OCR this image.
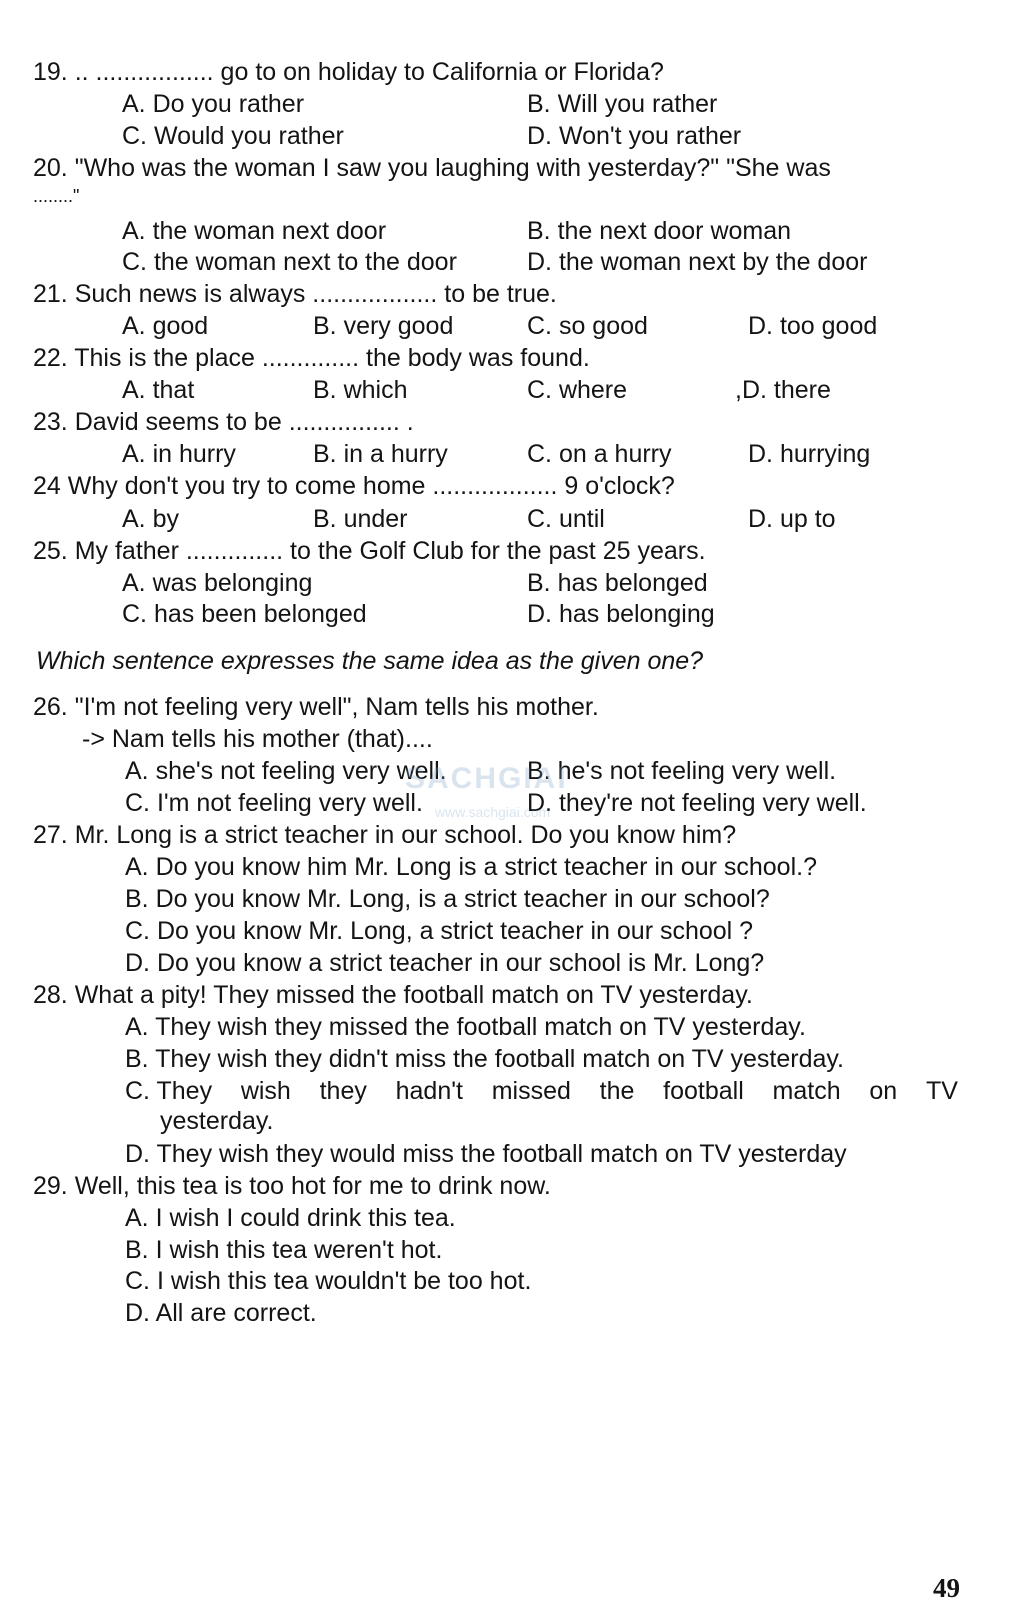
19. .. ................. go to on holiday to California or Florida?
A. Do you rather	B. Will you rather
C. Would you rather	D. Won't you rather
20. "Who was the woman I saw you laughing with yesterday?" "She was
........"
A. the woman next door	B. the next door woman
C. the woman next to the door	D. the woman next by the door
21. Such news is always .................. to be true.
A. good	B. very good	C. so good	D. too good
22. This is the place .............. the body was found.
A. that	B. which	C. where	,D. there
23. David seems to be ................ .
A. in hurry	B. in a hurry	C. on a hurry	D. hurrying
24 Why don't you try to come home .................. 9 o'clock?
A. by	B. under	C. until	D. up to
25. My father .............. to the Golf Club for the past 25 years.
A. was belonging	B. has belonged
C. has been belonged	D. has belonging
Which sentence expresses the same idea as the given one?
26. "I'm not feeling very well", Nam tells his mother.
-> Nam tells his mother (that)....
A. she's not feeling very well.	B. he's not feeling very well.
C. I'm not feeling very well.	D. they're not feeling very well.
27. Mr. Long is a strict teacher in our school. Do you know him?
A. Do you know him Mr. Long is a strict teacher in our school.?
B. Do you know Mr. Long, is a strict teacher in our school?
C. Do you know Mr. Long, a strict teacher in our school ?
D. Do you know a strict teacher in our school is Mr. Long?
28. What a pity! They missed the football match on TV yesterday.
A. They wish they missed the football match on TV yesterday.
B. They wish they didn't miss the football match on TV yesterday.
C. They wish they hadn't missed the football match on TV
yesterday.
D. They wish they would miss the football match on TV yesterday
29. Well, this tea is too hot for me to drink now.
A. I wish I could drink this tea.
B. I wish this tea weren't hot.
C. I wish this tea wouldn't be too hot.
D. All are correct.
SACHGIAI
www.sachgiai.com
49
